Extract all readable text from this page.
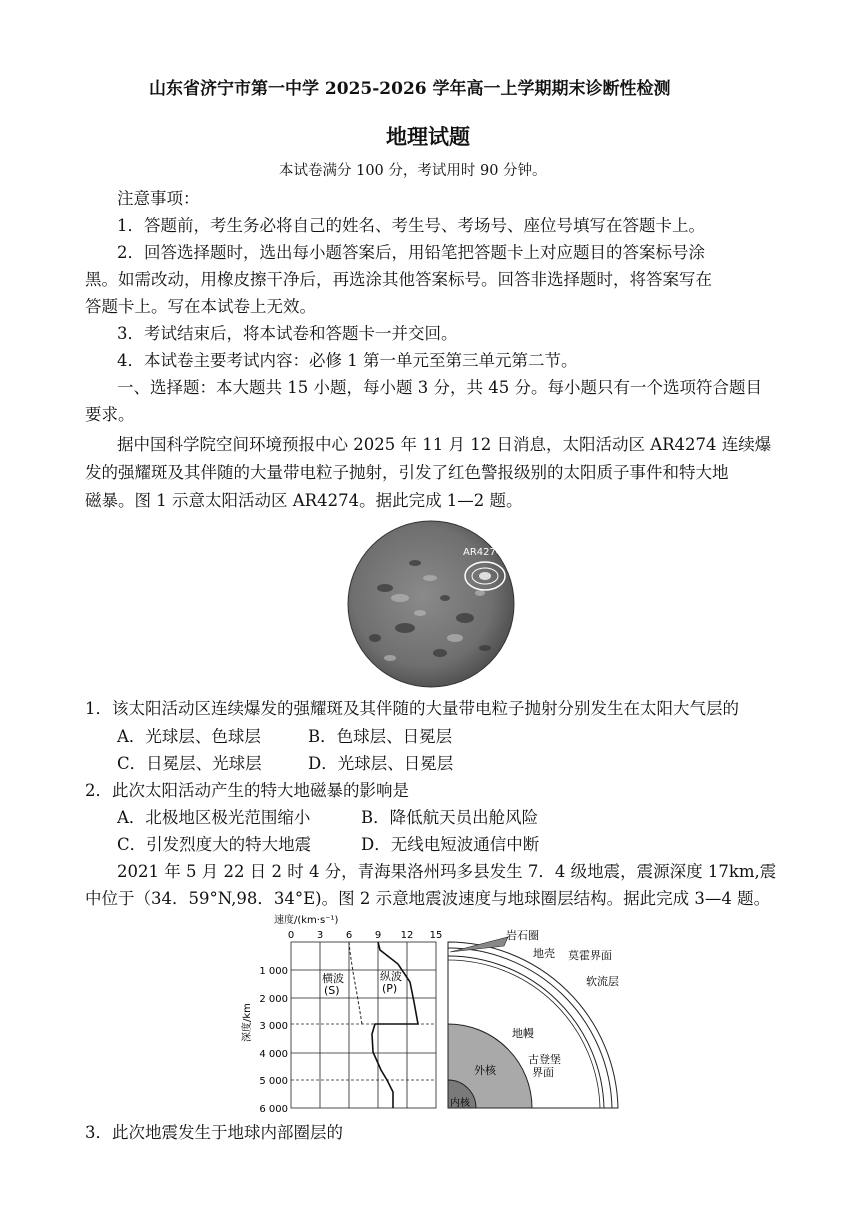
山东省济宁市第一中学 2025-2026 学年高一上学期期末诊断性检测
地理试题
本试卷满分 100 分，考试用时 90 分钟。
注意事项：
1．答题前，考生务必将自己的姓名、考生号、考场号、座位号填写在答题卡上。
2．回答选择题时，选出每小题答案后，用铅笔把答题卡上对应题目的答案标号涂
黑。如需改动，用橡皮擦干净后，再选涂其他答案标号。回答非选择题时，将答案写在
答题卡上。写在本试卷上无效。
3．考试结束后，将本试卷和答题卡一并交回。
4．本试卷主要考试内容：必修 1 第一单元至第三单元第二节。
一、选择题：本大题共 15 小题，每小题 3 分，共 45 分。每小题只有一个选项符合题目
要求。
据中国科学院空间环境预报中心 2025 年 11 月 12 日消息，太阳活动区 AR4274 连续爆
发的强耀斑及其伴随的大量带电粒子抛射，引发了红色警报级别的太阳质子事件和特大地
磁暴。图 1 示意太阳活动区 AR4274。据此完成 1—2 题。
AR4274
1．该太阳活动区连续爆发的强耀斑及其伴随的大量带电粒子抛射分别发生在太阳大气层的
A．光球层、色球层	B．色球层、日冕层
C．日冕层、光球层	D．光球层、日冕层
2．此次太阳活动产生的特大地磁暴的影响是
A．北极地区极光范围缩小	B．降低航天员出舱风险
C．引发烈度大的特大地震	D．无线电短波通信中断
2021 年 5 月 22 日 2 时 4 分，青海果洛州玛多县发生 7．4 级地震，震源深度 17km,震
中位于（34．59°N,98．34°E)。图 2 示意地震波速度与地球圈层结构。据此完成 3—4 题。
速度/(km·s⁻¹)
0 3 6 9 12 15
深度/km
1 000
2 000
3 000
4 000
5 000
6 000
横波
(S)
纵波
(P)
岩石圈
地壳 莫霍界面
软流层
地幔
古登堡
界面
外核
内核
3．此次地震发生于地球内部圈层的
